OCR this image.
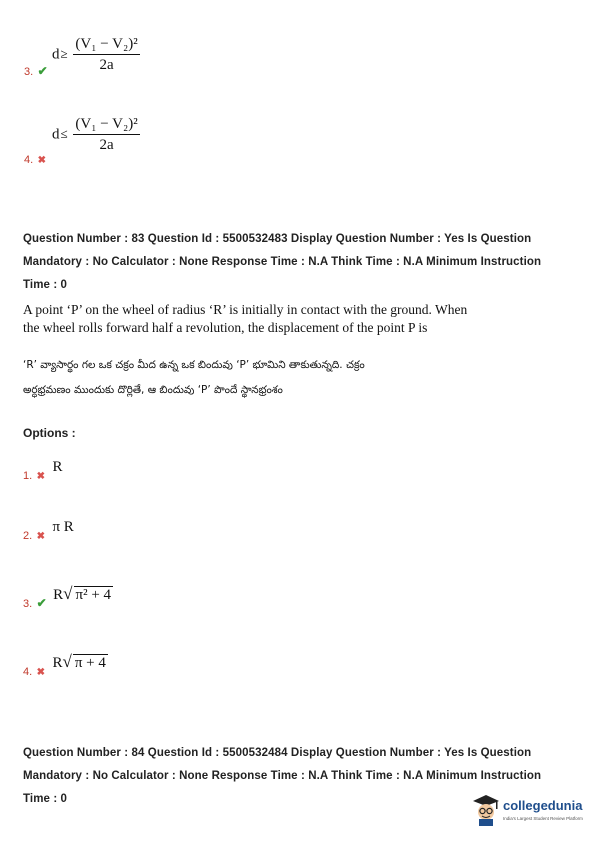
$d\ge \frac{\text{(V₁ − V₂)²}}{2a}$
3. ✔
$d\le \frac{\text{(V₁ − V₂)²}}{2a}$
4. ✖
Question Number : 83 Question Id : 5500532483 Display Question Number : Yes Is Question
Mandatory : No Calculator : None Response Time : N.A Think Time : N.A Minimum Instruction
Time : 0
A point ‘P’ on the wheel of radius ‘R’ is initially in contact with the ground. When
the wheel rolls forward half a revolution, the displacement of the point P is
‘R’ వ్యాసార్థం గల ఒక చక్రం మీద ఉన్న ఒక బిందువు ‘P’ భూమిని తాకుతున్నది. చక్రం
అర్ధభ్రమణం ముందుకు దొర్లితే, ఆ బిందువు ‘P’ పొందే స్థానభ్రంశం
Options :
$_{1.}$ $_✖$ R
$_{2.}$ $_✖$ π R
$_{3.}$ $_✔$ R√ π² + 4
$_{4.}$ $_✖$ R√ π + 4
Question Number : 84 Question Id : 5500532484 Display Question Number : Yes Is Question
Mandatory : No Calculator : None Response Time : N.A Think Time : N.A Minimum Instruction
Time : 0	collegedunia
India's Largest Student Review Platform
